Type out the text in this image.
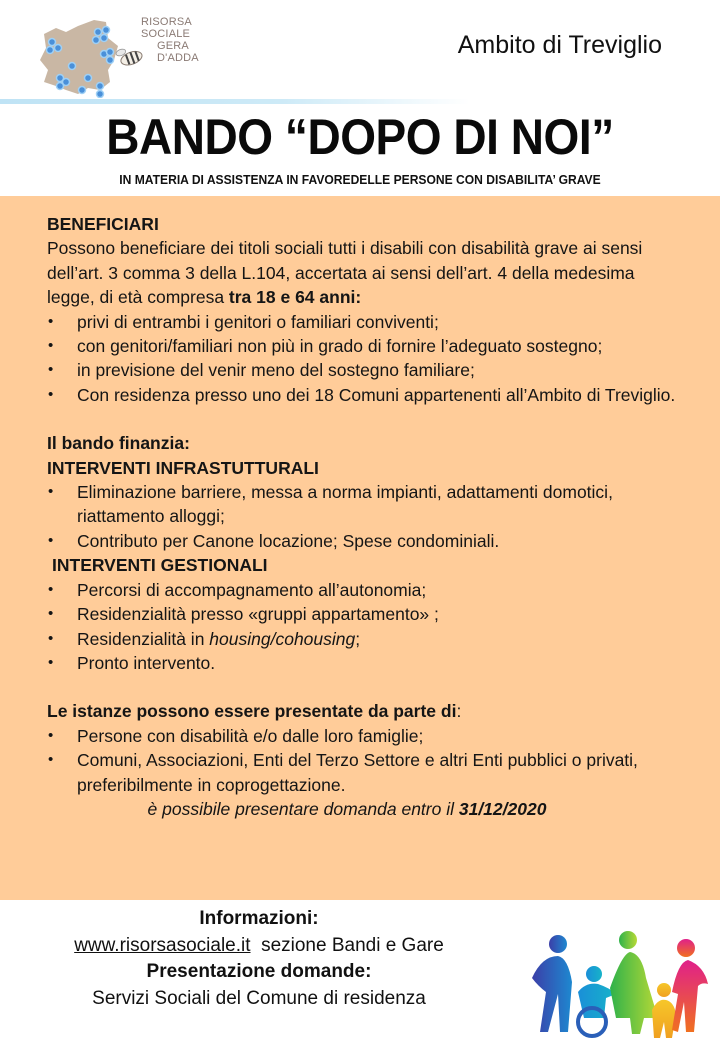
RISORSA SOCIALE
GERA D'ADDA	Ambito di Treviglio
BANDO “DOPO DI NOI”
IN MATERIA DI ASSISTENZA IN FAVOREDELLE PERSONE CON DISABILITA’ GRAVE

BENEFICIARI

Possono beneficiare dei titoli sociali tutti i disabili con disabilità grave ai sensi dell’art. 3 comma 3 della L.104, accertata ai sensi dell’art. 4 della medesima legge, di età compresa tra 18 e 64 anni:

• privi di entrambi i genitori o familiari conviventi;
• con genitori/familiari non più in grado di fornire l’adeguato sostegno;
• in previsione del venir meno del sostegno familiare;
• Con residenza presso uno dei 18 Comuni appartenenti all’Ambito di Treviglio.

Il bando finanzia:

INTERVENTI INFRASTUTTURALI

• Eliminazione barriere, messa a norma impianti, adattamenti domotici, riattamento alloggi;
• Contributo per Canone locazione; Spese condominiali.

INTERVENTI GESTIONALI

• Percorsi di accompagnamento all’autonomia;
• Residenzialità presso «gruppi appartamento» ;
• Residenzialità in housing/cohousing;
• Pronto intervento.

Le istanze possono essere presentate da parte di:

• Persone con disabilità e/o dalle loro famiglie;
• Comuni, Associazioni, Enti del Terzo Settore e altri Enti pubblici o privati, preferibilmente in coprogettazione.

è possibile presentare domanda entro il 31/12/2020

Informazioni:
www.risorsasociale.it  sezione Bandi e Gare
Presentazione domande:
Servizi Sociali del Comune di residenza
